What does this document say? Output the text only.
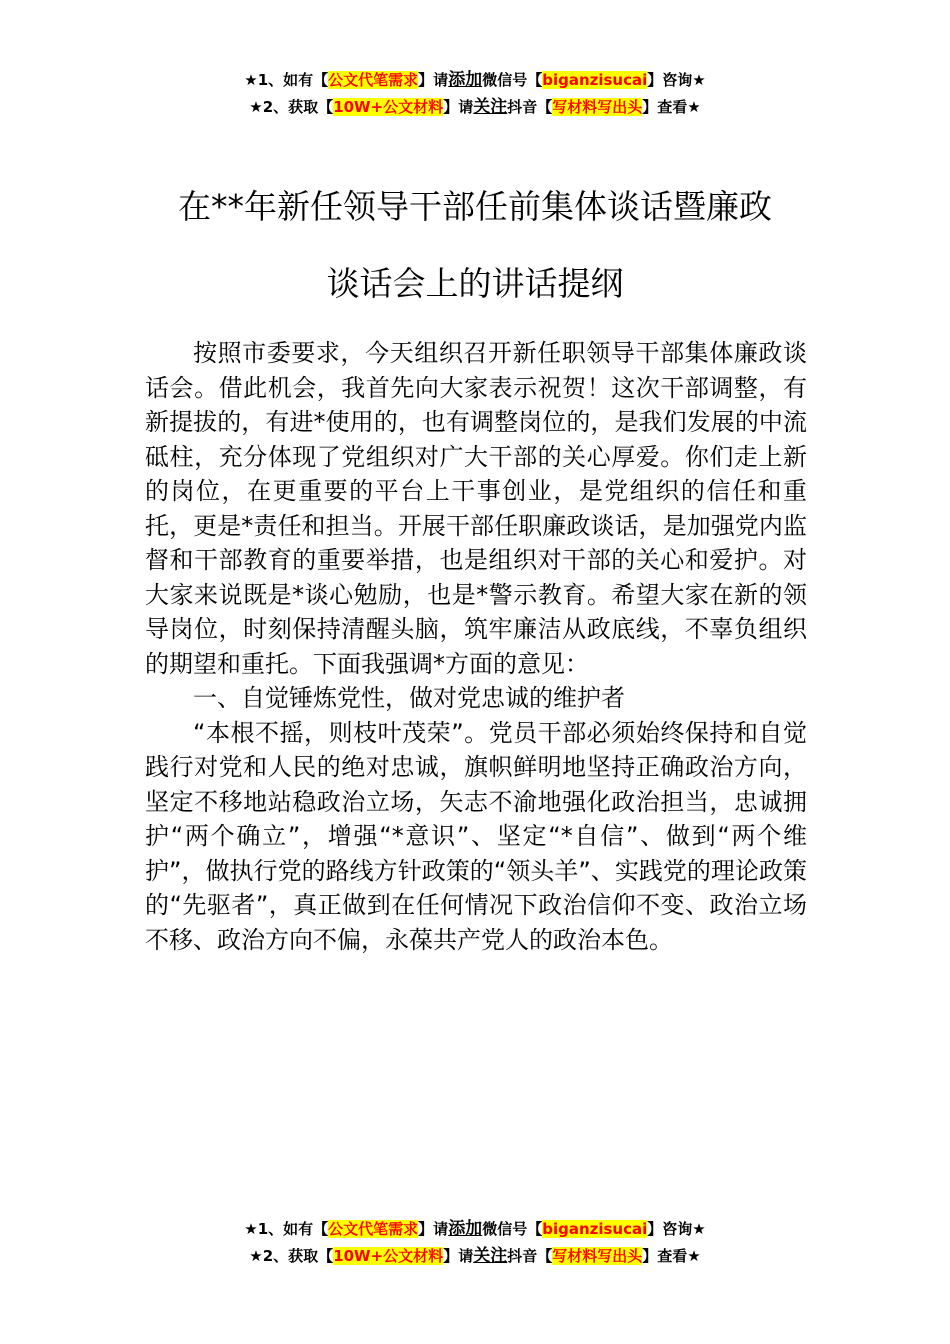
★1、如有【公文代笔需求】请添加微信号【biganzisucai】咨询★
★2、获取【10W+公文材料】请关注抖音【写材料写出头】查看★
在**年新任领导干部任前集体谈话暨廉政
谈话会上的讲话提纲

按照市委要求，今天组织召开新任职领导干部集体廉政谈话会。借此机会，我首先向大家表示祝贺！这次干部调整，有新提拔的，有进*使用的，也有调整岗位的，是我们发展的中流砥柱，充分体现了党组织对广大干部的关心厚爱。你们走上新的岗位，在更重要的平台上干事创业，是党组织的信任和重托，更是*责任和担当。开展干部任职廉政谈话，是加强党内监督和干部教育的重要举措，也是组织对干部的关心和爱护。对大家来说既是*谈心勉励，也是*警示教育。希望大家在新的领导岗位，时刻保持清醒头脑，筑牢廉洁从政底线，不辜负组织的期望和重托。下面我强调*方面的意见：

一、自觉锤炼党性，做对党忠诚的维护者

“本根不摇，则枝叶茂荣”。党员干部必须始终保持和自觉践行对党和人民的绝对忠诚，旗帜鲜明地坚持正确政治方向，坚定不移地站稳政治立场，矢志不渝地强化政治担当，忠诚拥护“两个确立”，增强“*意识”、坚定“*自信”、做到“两个维护”，做执行党的路线方针政策的“领头羊”、实践党的理论政策的“先驱者”，真正做到在任何情况下政治信仰不变、政治立场不移、政治方向不偏，永葆共产党人的政治本色。

★1、如有【公文代笔需求】请添加微信号【biganzisucai】咨询★
★2、获取【10W+公文材料】请关注抖音【写材料写出头】查看★
